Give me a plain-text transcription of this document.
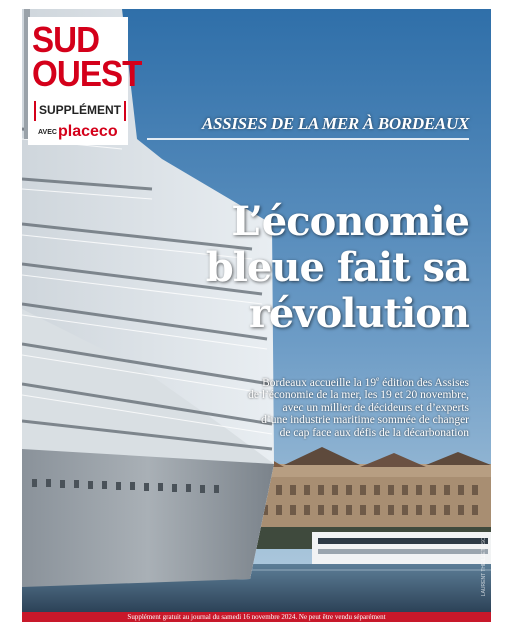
SUD
OUEST
SUPPLÉMENT
AVEC placeco	ASSISES DE LA MER À BORDEAUX
L’économie
bleue fait sa
révolution
Bordeaux accueille la 19e édition des Assises
de l’économie de la mer, les 19 et 20 novembre,
avec un millier de décideurs et d’experts
d’une industrie maritime sommée de changer
de cap face aux défis de la décarbonation
LAURENT THEILLET / SO
Supplément gratuit au journal du samedi 16 novembre 2024. Ne peut être vendu séparément
